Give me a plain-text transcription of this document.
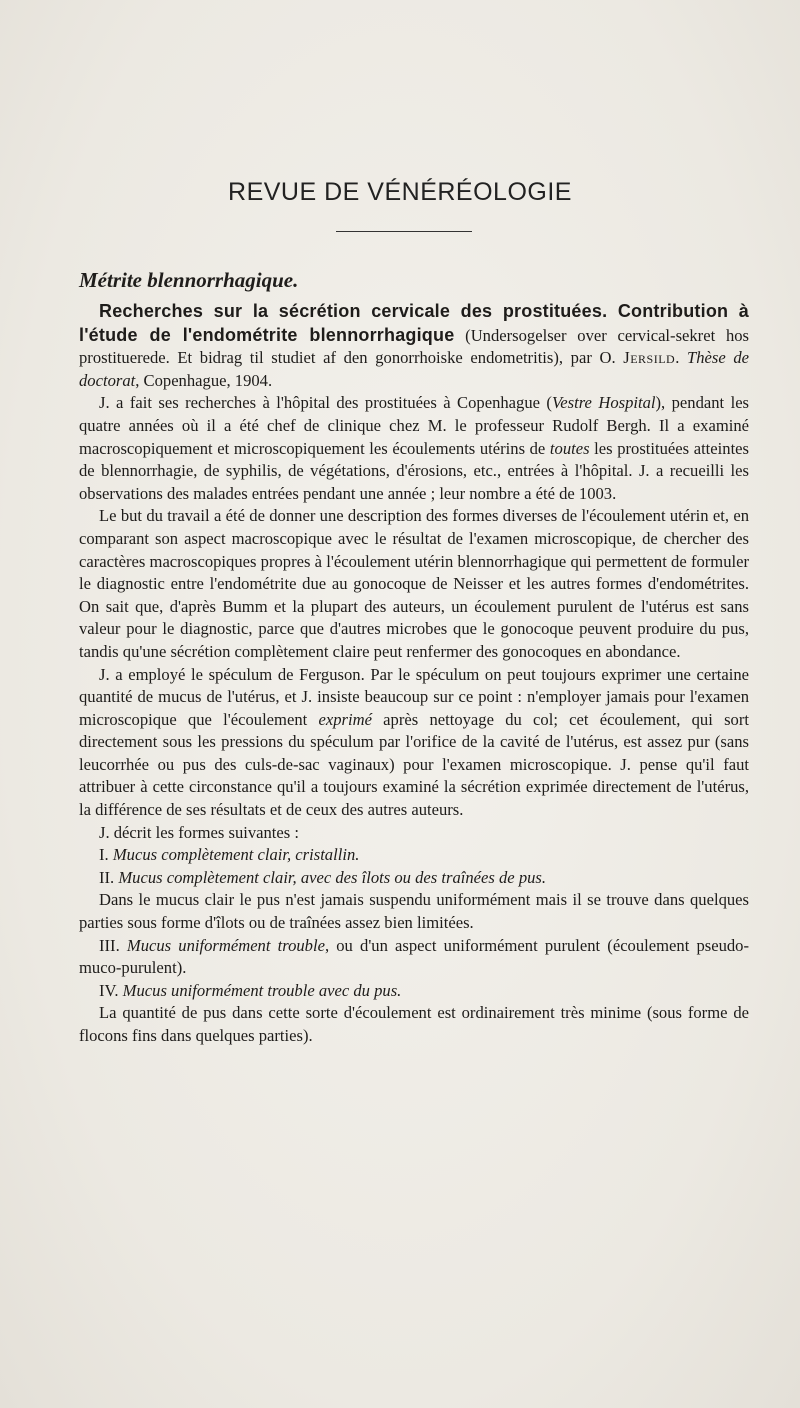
REVUE DE VÉNÉRÉOLOGIE
Métrite blennorrhagique.

Recherches sur la sécrétion cervicale des prostituées. Contribution à l'étude de l'endométrite blennorrhagique (Undersogelser over cervical-sekret hos prostituerede. Et bidrag til studiet af den gonorrhoiske endometritis), par O. Jersild. Thèse de doctorat, Copenhague, 1904.

J. a fait ses recherches à l'hôpital des prostituées à Copenhague (Vestre Hospital), pendant les quatre années où il a été chef de clinique chez M. le professeur Rudolf Bergh. Il a examiné macroscopiquement et microscopiquement les écoulements utérins de toutes les prostituées atteintes de blennorrhagie, de syphilis, de végétations, d'érosions, etc., entrées à l'hôpital. J. a recueilli les observations des malades entrées pendant une année ; leur nombre a été de 1003.

Le but du travail a été de donner une description des formes diverses de l'écoulement utérin et, en comparant son aspect macroscopique avec le résultat de l'examen microscopique, de chercher des caractères macroscopiques propres à l'écoulement utérin blennorrhagique qui permettent de formuler le diagnostic entre l'endométrite due au gonocoque de Neisser et les autres formes d'endométrites. On sait que, d'après Bumm et la plupart des auteurs, un écoulement purulent de l'utérus est sans valeur pour le diagnostic, parce que d'autres microbes que le gonocoque peuvent produire du pus, tandis qu'une sécrétion complètement claire peut renfermer des gonocoques en abondance.

J. a employé le spéculum de Ferguson. Par le spéculum on peut toujours exprimer une certaine quantité de mucus de l'utérus, et J. insiste beaucoup sur ce point : n'employer jamais pour l'examen microscopique que l'écoulement exprimé après nettoyage du col; cet écoulement, qui sort directement sous les pressions du spéculum par l'orifice de la cavité de l'utérus, est assez pur (sans leucorrhée ou pus des culs-de-sac vaginaux) pour l'examen microscopique. J. pense qu'il faut attribuer à cette circonstance qu'il a toujours examiné la sécrétion exprimée directement de l'utérus, la différence de ses résultats et de ceux des autres auteurs.

J. décrit les formes suivantes :

I. Mucus complètement clair, cristallin.

II. Mucus complètement clair, avec des îlots ou des traînées de pus.

Dans le mucus clair le pus n'est jamais suspendu uniformément mais il se trouve dans quelques parties sous forme d'îlots ou de traînées assez bien limitées.

III. Mucus uniformément trouble, ou d'un aspect uniformément purulent (écoulement pseudo-muco-purulent).

IV. Mucus uniformément trouble avec du pus.

La quantité de pus dans cette sorte d'écoulement est ordinairement très minime (sous forme de flocons fins dans quelques parties).
